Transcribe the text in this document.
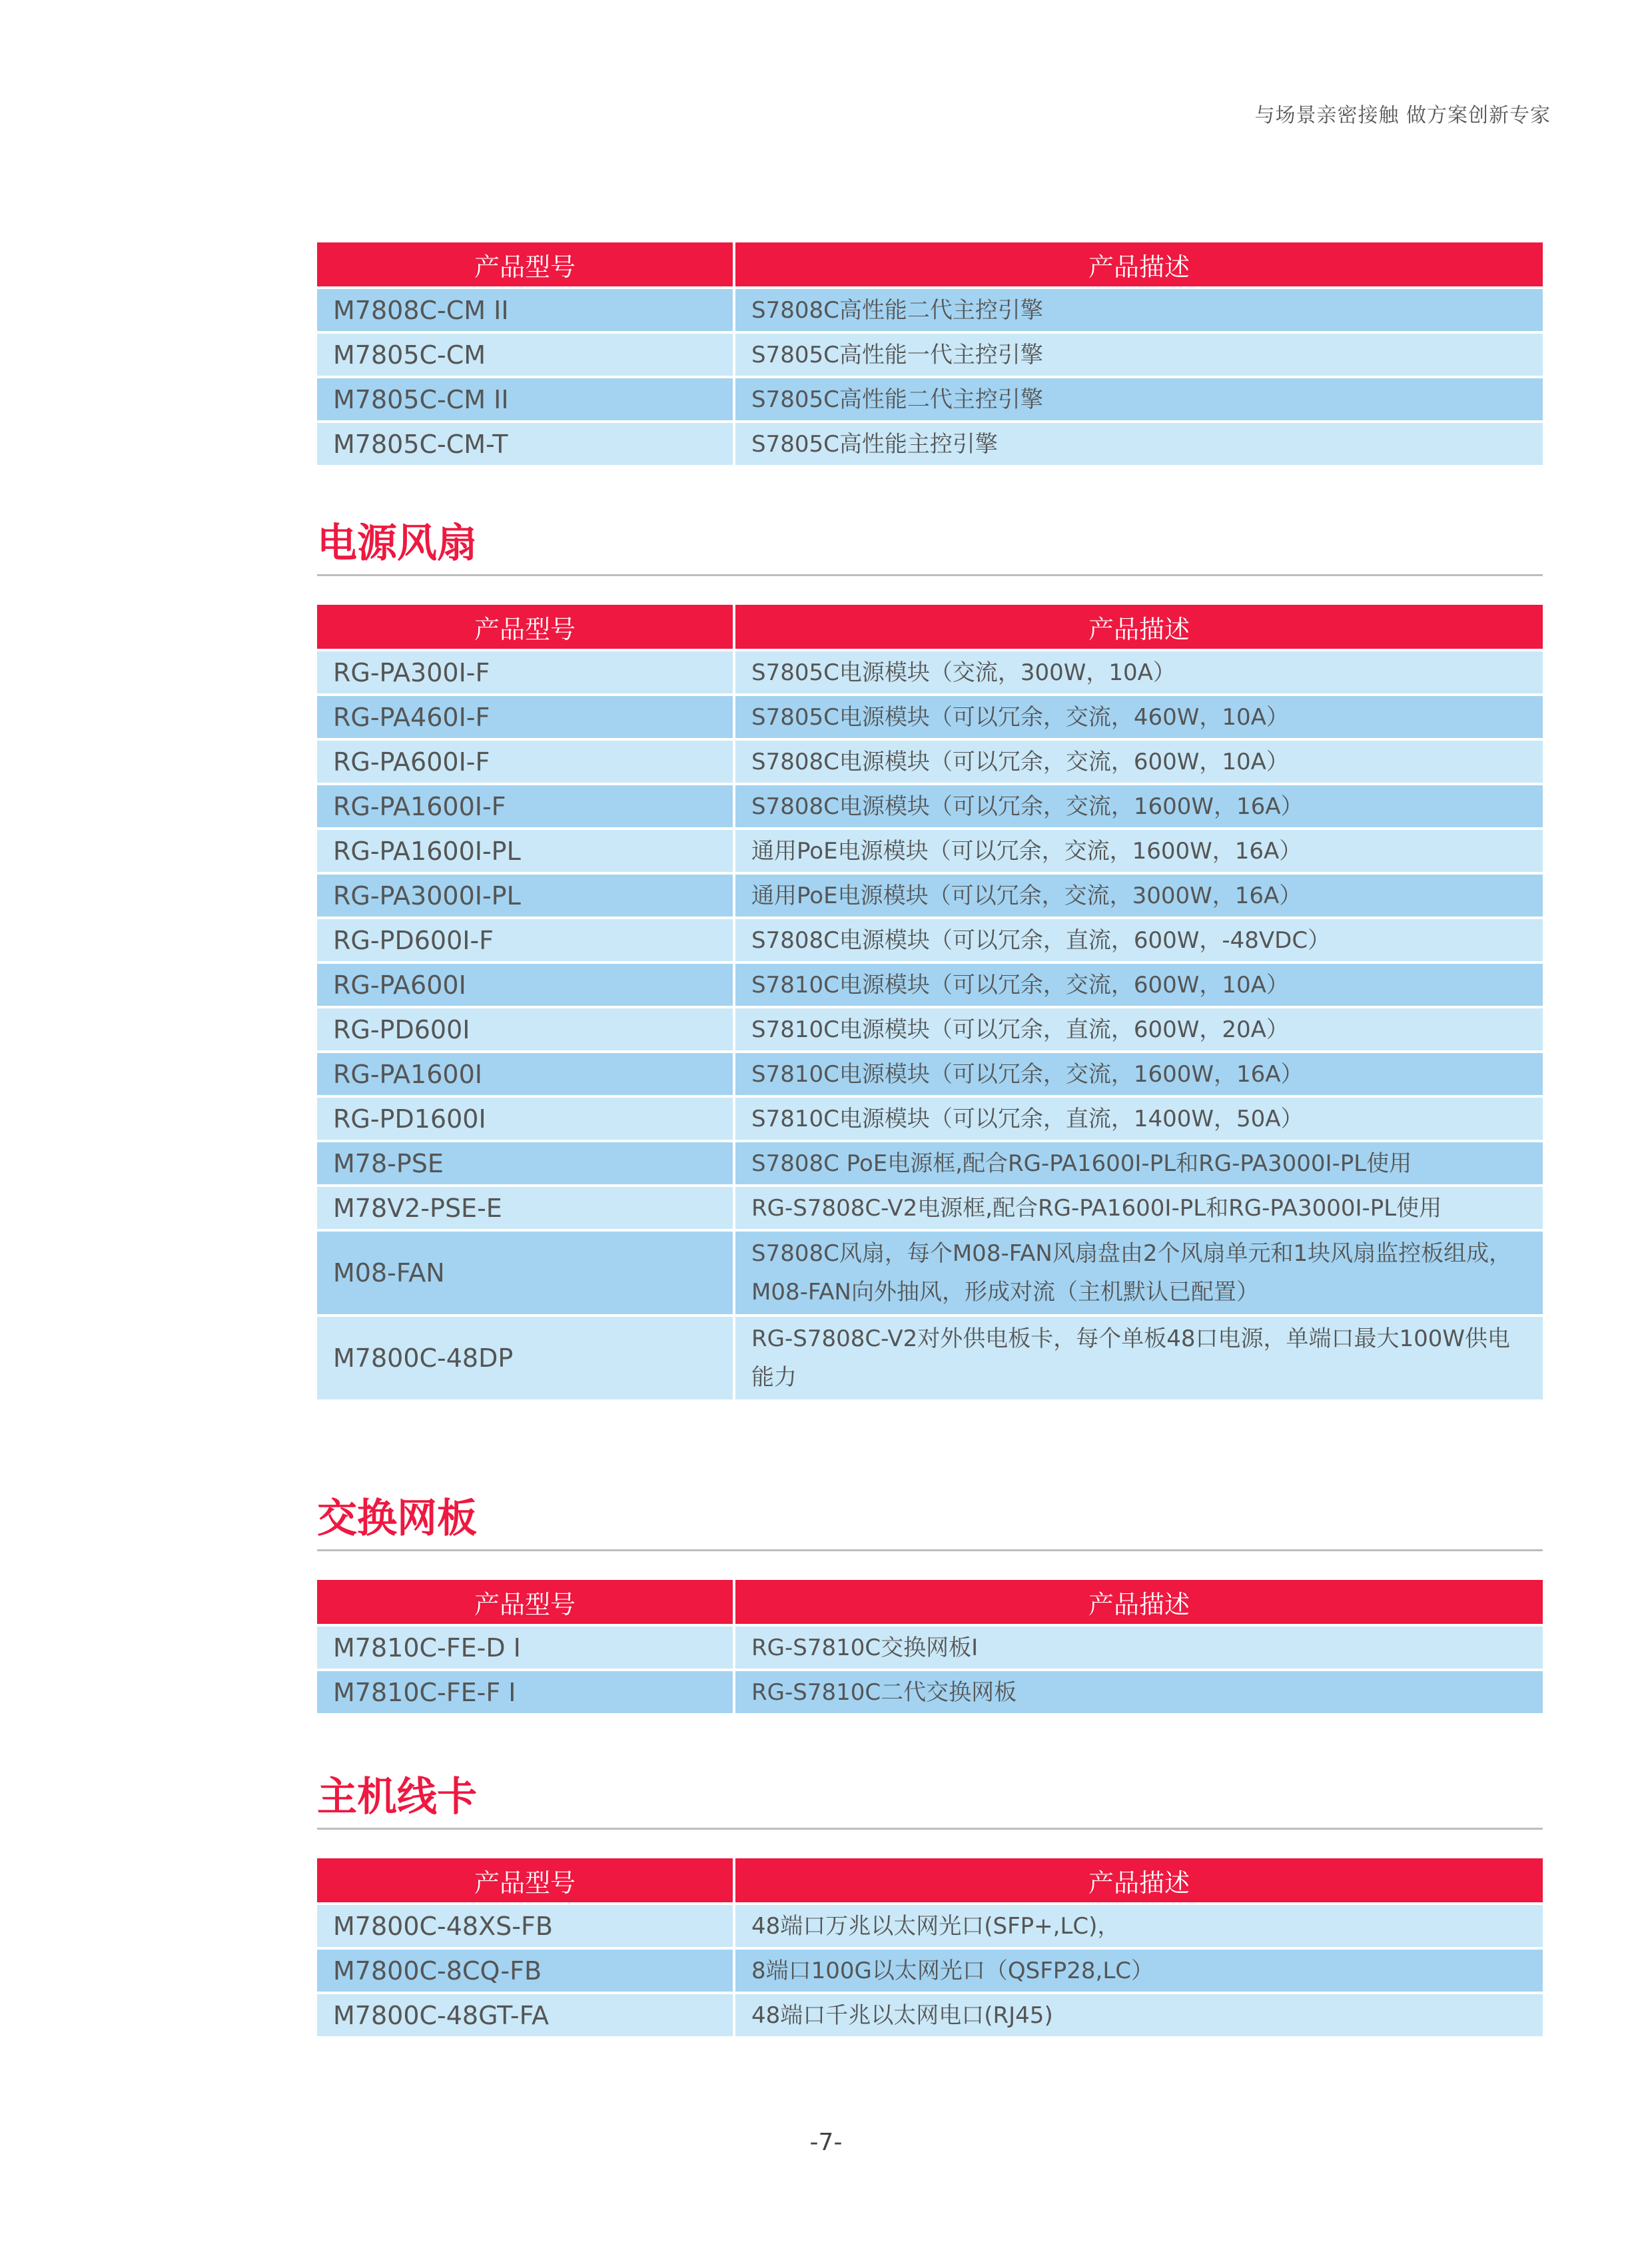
与场景亲密接触 做方案创新专家
产品型号	产品描述
M7808C-CM II	S7808C高性能二代主控引擎
M7805C-CM	S7805C高性能一代主控引擎
M7805C-CM II	S7805C高性能二代主控引擎
M7805C-CM-T	S7805C高性能主控引擎
电源风扇
产品型号	产品描述
RG-PA300I-F	S7805C电源模块（交流，300W，10A）
RG-PA460I-F	S7805C电源模块（可以冗余，交流，460W，10A）
RG-PA600I-F	S7808C电源模块（可以冗余，交流，600W，10A）
RG-PA1600I-F	S7808C电源模块（可以冗余，交流，1600W，16A）
RG-PA1600I-PL	通用PoE电源模块（可以冗余，交流，1600W，16A）
RG-PA3000I-PL	通用PoE电源模块（可以冗余，交流，3000W，16A）
RG-PD600I-F	S7808C电源模块（可以冗余，直流，600W，-48VDC）
RG-PA600I	S7810C电源模块（可以冗余，交流，600W，10A）
RG-PD600I	S7810C电源模块（可以冗余，直流，600W，20A）
RG-PA1600I	S7810C电源模块（可以冗余，交流，1600W，16A）
RG-PD1600I	S7810C电源模块（可以冗余，直流，1400W，50A）
M78-PSE	S7808C PoE电源框,配合RG-PA1600I-PL和RG-PA3000I-PL使用
M78V2-PSE-E	RG-S7808C-V2电源框,配合RG-PA1600I-PL和RG-PA3000I-PL使用
M08-FAN	S7808C风扇，每个M08-FAN风扇盘由2个风扇单元和1块风扇监控板组成，
M08-FAN向外抽风，形成对流（主机默认已配置）

M7800C-48DP	RG-S7808C-V2对外供电板卡，每个单板48口电源，单端口最大100W供电
能力
交换网板
产品型号	产品描述
M7810C-FE-D I	RG-S7810C交换网板I
M7810C-FE-F I	RG-S7810C二代交换网板
主机线卡
产品型号	产品描述
M7800C-48XS-FB	48端口万兆以太网光口(SFP+,LC)，
M7800C-8CQ-FB	8端口100G以太网光口（QSFP28,LC）
M7800C-48GT-FA	48端口千兆以太网电口(RJ45)
-7-
